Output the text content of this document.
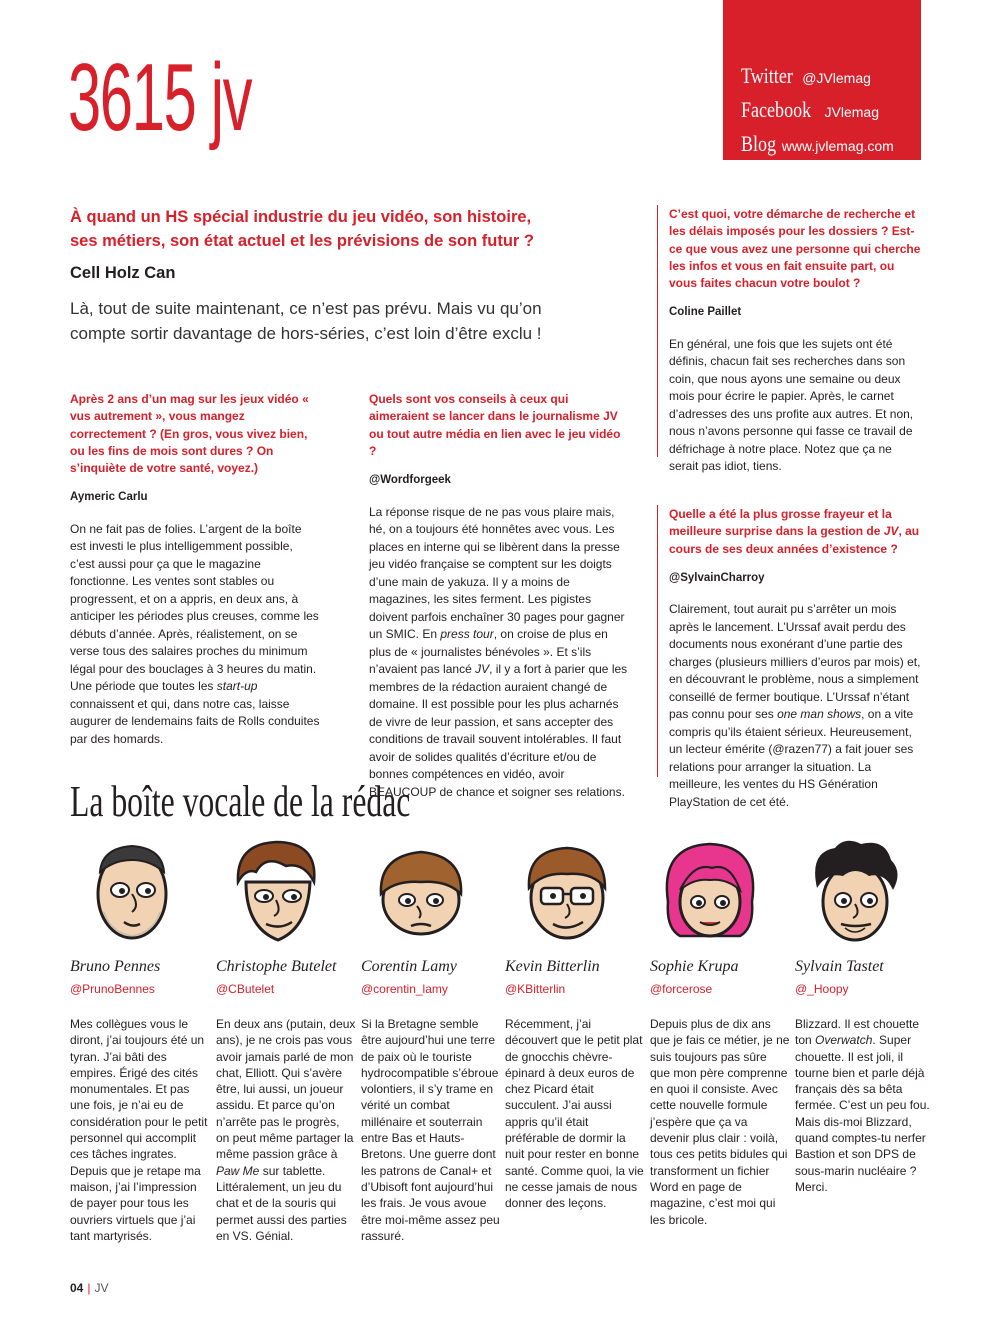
3615 jv	Twitter @JVlemag
Facebook JVlemag
Blog www.jvlemag.com
À quand un HS spécial industrie du jeu vidéo, son histoire, ses métiers, son état actuel et les prévisions de son futur ?
Cell Holz Can
Là, tout de suite maintenant, ce n’est pas prévu. Mais vu qu’on compte sortir davantage de hors-séries, c’est loin d’être exclu !
Après 2 ans d’un mag sur les jeux vidéo « vus autrement », vous mangez correctement ? (En gros, vous vivez bien, ou les fins de mois sont dures ? On s’inquiète de votre santé, voyez.)
Aymeric Carlu
On ne fait pas de folies. L’argent de la boîte est investi le plus intelligemment possible, c’est aussi pour ça que le magazine fonctionne. Les ventes sont stables ou progressent, et on a appris, en deux ans, à anticiper les périodes plus creuses, comme les débuts d’année. Après, réalistement, on se verse tous des salaires proches du minimum légal pour des bouclages à 3 heures du matin. Une période que toutes les start-up connaissent et qui, dans notre cas, laisse augurer de lendemains faits de Rolls conduites par des homards.
Quels sont vos conseils à ceux qui aimeraient se lancer dans le journalisme JV ou tout autre média en lien avec le jeu vidéo ?
@Wordforgeek
La réponse risque de ne pas vous plaire mais, hé, on a toujours été honnêtes avec vous. Les places en interne qui se libèrent dans la presse jeu vidéo française se comptent sur les doigts d’une main de yakuza. Il y a moins de magazines, les sites ferment. Les pigistes doivent parfois enchaîner 30 pages pour gagner un SMIC. En press tour, on croise de plus en plus de « journalistes bénévoles ». Et s’ils n’avaient pas lancé JV, il y a fort à parier que les membres de la rédaction auraient changé de domaine. Il est possible pour les plus acharnés de vivre de leur passion, et sans accepter des conditions de travail souvent intolérables. Il faut avoir de solides qualités d’écriture et/ou de bonnes compétences en vidéo, avoir BEAUCOUP de chance et soigner ses relations.
C’est quoi, votre démarche de recherche et les délais imposés pour les dossiers ? Est-ce que vous avez une personne qui cherche les infos et vous en fait ensuite part, ou vous faites chacun votre boulot ?
Coline Paillet
En général, une fois que les sujets ont été définis, chacun fait ses recherches dans son coin, que nous ayons une semaine ou deux mois pour écrire le papier. Après, le carnet d’adresses des uns profite aux autres. Et non, nous n’avons personne qui fasse ce travail de défrichage à notre place. Notez que ça ne serait pas idiot, tiens.
Quelle a été la plus grosse frayeur et la meilleure surprise dans la gestion de JV, au cours de ses deux années d’existence ?
@SylvainCharroy
Clairement, tout aurait pu s’arrêter un mois après le lancement. L’Urssaf avait perdu des documents nous exonérant d’une partie des charges (plusieurs milliers d’euros par mois) et, en découvrant le problème, nous a simplement conseillé de fermer boutique. L’Urssaf n’étant pas connu pour ses one man shows, on a vite compris qu’ils étaient sérieux. Heureusement, un lecteur émérite (@razen77) a fait jouer ses relations pour arranger la situation. La meilleure, les ventes du HS Génération PlayStation de cet été.
La boîte vocale de la rédac
Bruno Pennes
@PrunoBennes
Mes collègues vous le diront, j’ai toujours été un tyran. J’ai bâti des empires. Érigé des cités monumentales. Et pas une fois, je n’ai eu de considération pour le petit personnel qui accomplit ces tâches ingrates. Depuis que je retape ma maison, j’ai l’impression de payer pour tous les ouvriers virtuels que j’ai tant martyrisés.
Christophe Butelet
@CButelet
En deux ans (putain, deux ans), je ne crois pas vous avoir jamais parlé de mon chat, Elliott. Qui s’avère être, lui aussi, un joueur assidu. Et parce qu’on n’arrête pas le progrès, on peut même partager la même passion grâce à Paw Me sur tablette. Littéralement, un jeu du chat et de la souris qui permet aussi des parties en VS. Génial.
Corentin Lamy
@corentin_lamy
Si la Bretagne semble être aujourd’hui une terre de paix où le touriste hydrocompatible s’ébroue volontiers, il s’y trame en vérité un combat millénaire et souterrain entre Bas et Hauts-Bretons. Une guerre dont les patrons de Canal+ et d’Ubisoft font aujourd’hui les frais. Je vous avoue être moi-même assez peu rassuré.
Kevin Bitterlin
@KBitterlin
Récemment, j’ai découvert que le petit plat de gnocchis chèvre-épinard à deux euros de chez Picard était succulent. J’ai aussi appris qu’il était préférable de dormir la nuit pour rester en bonne santé. Comme quoi, la vie ne cesse jamais de nous donner des leçons.
Sophie Krupa
@forcerose
Depuis plus de dix ans que je fais ce métier, je ne suis toujours pas sûre que mon père comprenne en quoi il consiste. Avec cette nouvelle formule j’espère que ça va devenir plus clair : voilà, tous ces petits bidules qui transforment un fichier Word en page de magazine, c’est moi qui les bricole.
Sylvain Tastet
@_Hoopy
Blizzard. Il est chouette ton Overwatch. Super chouette. Il est joli, il tourne bien et parle déjà français dès sa bêta fermée. C’est un peu fou. Mais dis-moi Blizzard, quand comptes-tu nerfer Bastion et son DPS de sous-marin nucléaire ? Merci.
04 | JV
